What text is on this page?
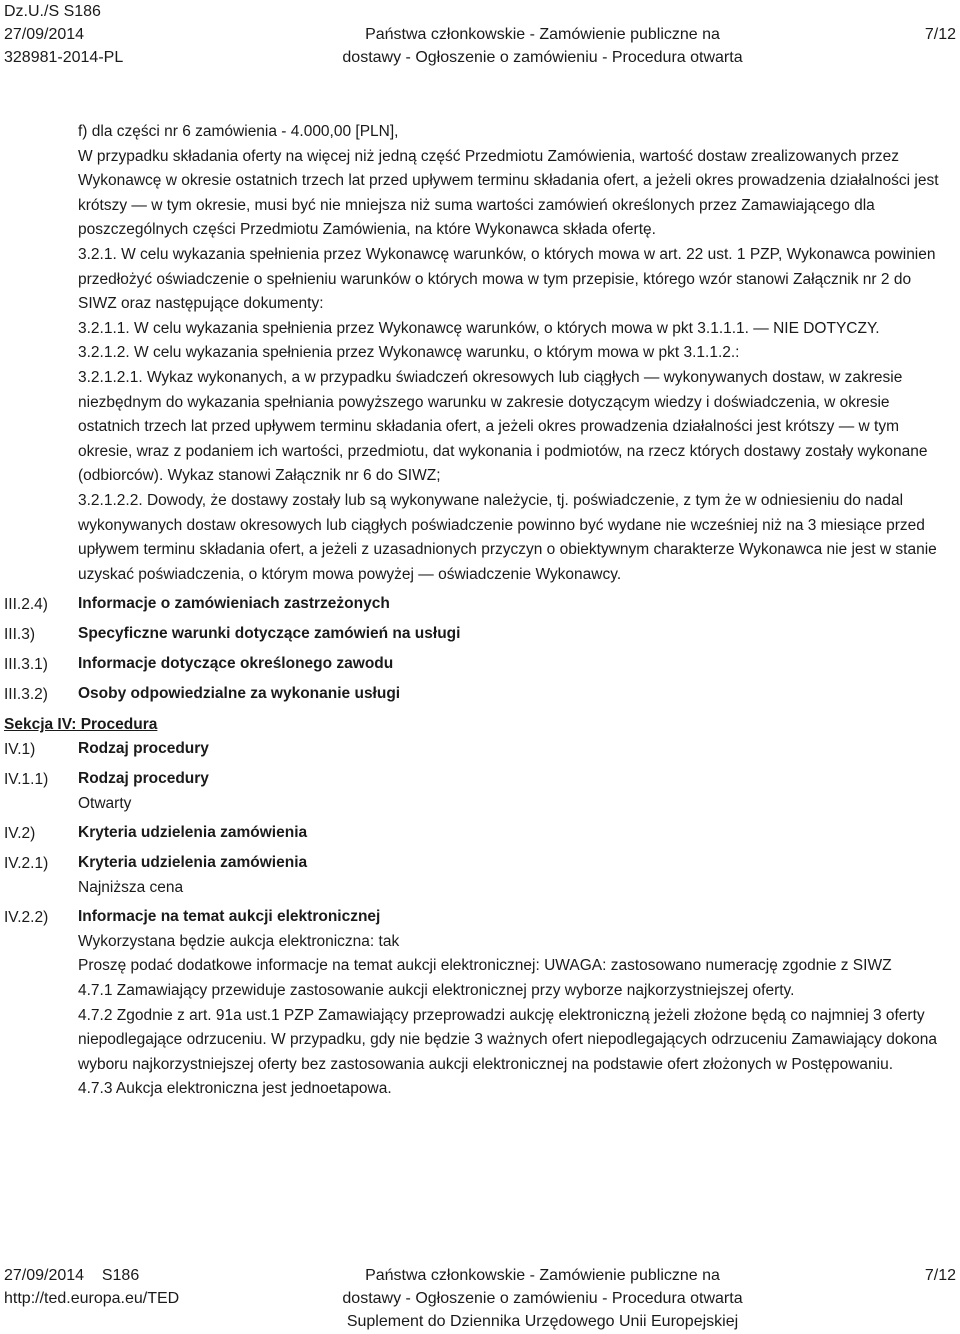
Dz.U./S S186
27/09/2014
328981-2014-PL
Państwa członkowskie - Zamówienie publiczne na
dostawy - Ogłoszenie o zamówieniu - Procedura otwarta
7/12
f) dla części nr 6 zamówienia - 4.000,00 [PLN],
W przypadku składania oferty na więcej niż jedną część Przedmiotu Zamówienia, wartość dostaw zrealizowanych przez Wykonawcę w okresie ostatnich trzech lat przed upływem terminu składania ofert, a jeżeli okres prowadzenia działalności jest krótszy — w tym okresie, musi być nie mniejsza niż suma wartości zamówień określonych przez Zamawiającego dla poszczególnych części Przedmiotu Zamówienia, na które Wykonawca składa ofertę.
3.2.1. W celu wykazania spełnienia przez Wykonawcę warunków, o których mowa w art. 22 ust. 1 PZP, Wykonawca powinien przedłożyć oświadczenie o spełnieniu warunków o których mowa w tym przepisie, którego wzór stanowi Załącznik nr 2 do SIWZ oraz następujące dokumenty:
3.2.1.1. W celu wykazania spełnienia przez Wykonawcę warunków, o których mowa w pkt 3.1.1.1. — NIE DOTYCZY.
3.2.1.2. W celu wykazania spełnienia przez Wykonawcę warunku, o którym mowa w pkt 3.1.1.2.:
3.2.1.2.1. Wykaz wykonanych, a w przypadku świadczeń okresowych lub ciągłych — wykonywanych dostaw, w zakresie niezbędnym do wykazania spełniania powyższego warunku w zakresie dotyczącym wiedzy i doświadczenia, w okresie ostatnich trzech lat przed upływem terminu składania ofert, a jeżeli okres prowadzenia działalności jest krótszy — w tym okresie, wraz z podaniem ich wartości, przedmiotu, dat wykonania i podmiotów, na rzecz których dostawy zostały wykonane (odbiorców). Wykaz stanowi Załącznik nr 6 do SIWZ;
3.2.1.2.2. Dowody, że dostawy zostały lub są wykonywane należycie, tj. poświadczenie, z tym że w odniesieniu do nadal wykonywanych dostaw okresowych lub ciągłych poświadczenie powinno być wydane nie wcześniej niż na 3 miesiące przed upływem terminu składania ofert, a jeżeli z uzasadnionych przyczyn o obiektywnym charakterze Wykonawca nie jest w stanie uzyskać poświadczenia, o którym mowa powyżej — oświadczenie Wykonawcy.
III.2.4) Informacje o zamówieniach zastrzeżonych
III.3)	Specyficzne warunki dotyczące zamówień na usługi
III.3.1) Informacje dotyczące określonego zawodu
III.3.2) Osoby odpowiedzialne za wykonanie usługi
Sekcja IV: Procedura
IV.1)	Rodzaj procedury
IV.1.1) Rodzaj procedury
Otwarty
IV.2)	Kryteria udzielenia zamówienia
IV.2.1) Kryteria udzielenia zamówienia
Najniższa cena
IV.2.2) Informacje na temat aukcji elektronicznej
Wykorzystana będzie aukcja elektroniczna: tak
Proszę podać dodatkowe informacje na temat aukcji elektronicznej: UWAGA: zastosowano numerację zgodnie z SIWZ
4.7.1 Zamawiający przewiduje zastosowanie aukcji elektronicznej przy wyborze najkorzystniejszej oferty.
4.7.2 Zgodnie z art. 91a ust.1 PZP Zamawiający przeprowadzi aukcję elektroniczną jeżeli złożone będą co najmniej 3 oferty niepodlegające odrzuceniu. W przypadku, gdy nie będzie 3 ważnych ofert niepodlegających odrzuceniu Zamawiający dokona wyboru najkorzystniejszej oferty bez zastosowania aukcji elektronicznej na podstawie ofert złożonych w Postępowaniu.
4.7.3 Aukcja elektroniczna jest jednoetapowa.
27/09/2014 S186
http://ted.europa.eu/TED
Państwa członkowskie - Zamówienie publiczne na
dostawy - Ogłoszenie o zamówieniu - Procedura otwarta
Suplement do Dziennika Urzędowego Unii Europejskiej
7/12
